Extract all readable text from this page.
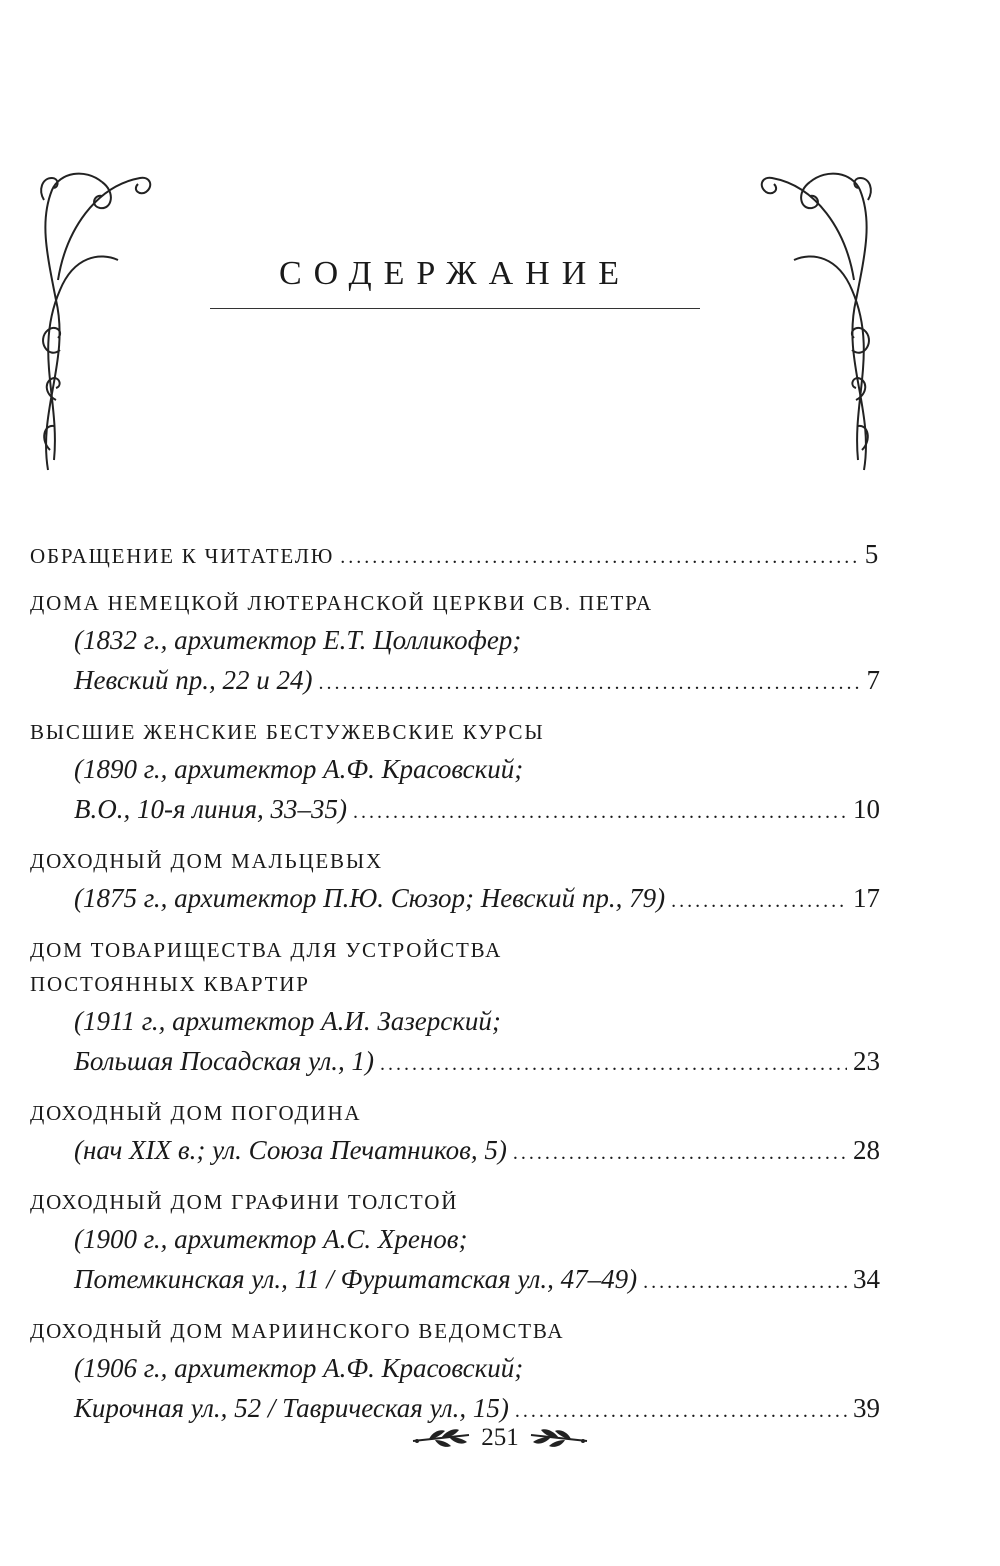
СОДЕРЖАНИЕ
ОБРАЩЕНИЕ К ЧИТАТЕЛЮ .....	5
ДОМА НЕМЕЦКОЙ ЛЮТЕРАНСКОЙ ЦЕРКВИ СВ. ПЕТРА
(1832 г., архитектор Е.Т. Цолликофер;
Невский пр., 22 и 24) .....	7
ВЫСШИЕ ЖЕНСКИЕ БЕСТУЖЕВСКИЕ КУРСЫ
(1890 г., архитектор А.Ф. Красовский;
В.О., 10-я линия, 33–35) .....	10
ДОХОДНЫЙ ДОМ МАЛЬЦЕВЫХ
(1875 г., архитектор П.Ю. Сюзор; Невский пр., 79) .....	17
ДОМ ТОВАРИЩЕСТВА ДЛЯ УСТРОЙСТВА
ПОСТОЯННЫХ КВАРТИР
(1911 г., архитектор А.И. Зазерский;
Большая Посадская ул., 1) .....	23
ДОХОДНЫЙ ДОМ ПОГОДИНА
(нач XIX в.; ул. Союза Печатников, 5) .....	28
ДОХОДНЫЙ ДОМ ГРАФИНИ ТОЛСТОЙ
(1900 г., архитектор А.С. Хренов;
Потемкинская ул., 11 / Фурштатская ул., 47–49) .....	34
ДОХОДНЫЙ ДОМ МАРИИНСКОГО ВЕДОМСТВА
(1906 г., архитектор А.Ф. Красовский;
Кирочная ул., 52 / Таврическая ул., 15) .....	39
251
